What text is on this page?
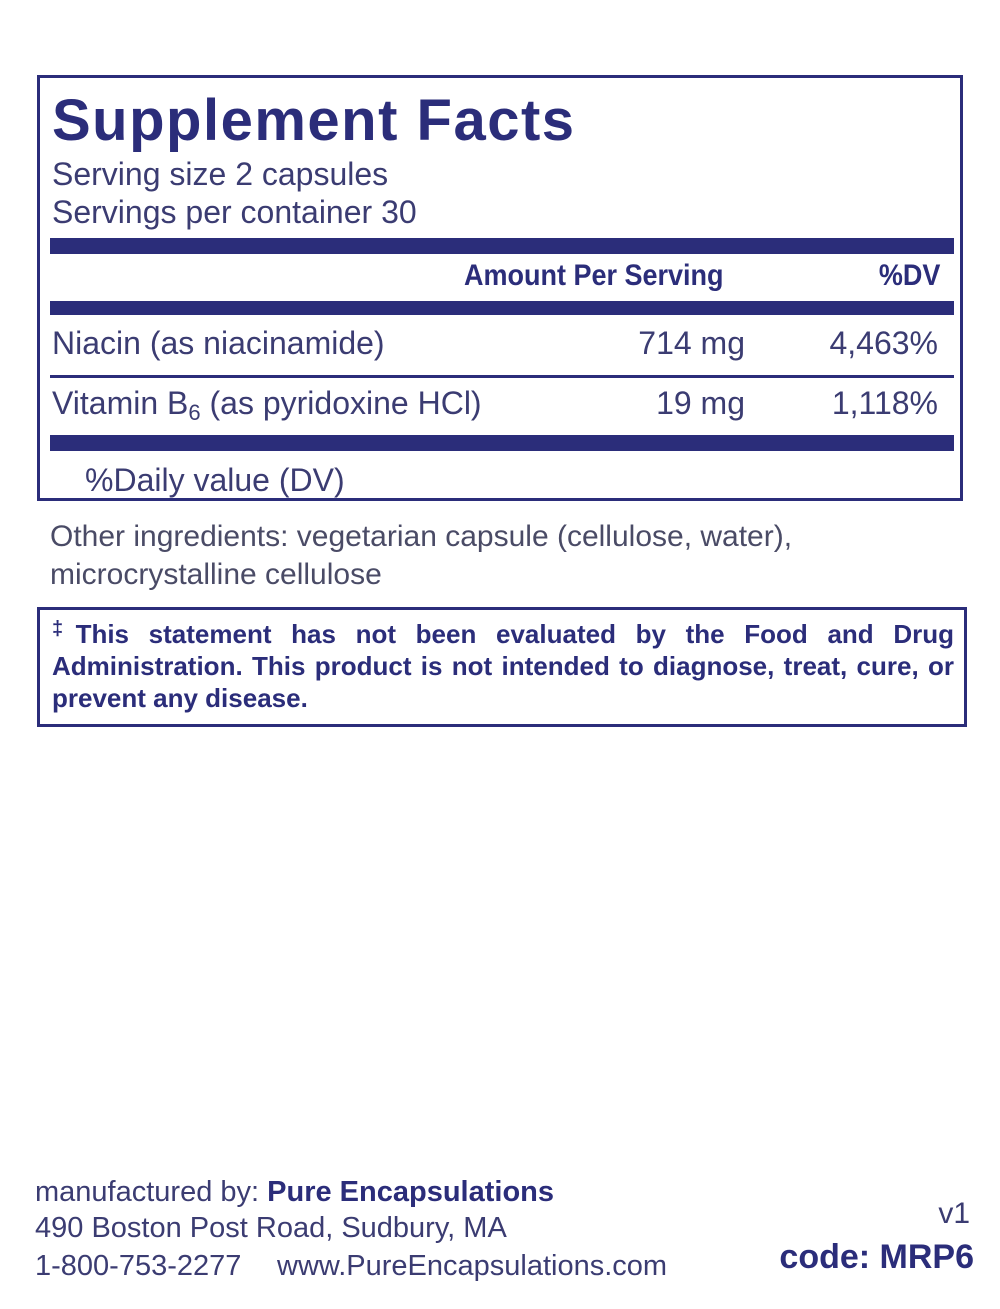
Supplement Facts
Serving size 2 capsules
Servings per container 30
Amount Per Serving	%DV
Niacin (as niacinamide)	714 mg	4,463%
Vitamin $B_6$ (as pyridoxine HCl)	19 mg	1,118%
%Daily value (DV)
Other ingredients: vegetarian capsule (cellulose, water),
microcrystalline cellulose
‡This statement has not been evaluated by the Food and Drug Administration. This product is not intended to diagnose, treat, cure, or prevent any disease.
manufactured by: Pure Encapsulations
490 Boston Post Road, Sudbury, MA
1-800-753-2277 www.PureEncapsulations.com
v1
code: MRP6
